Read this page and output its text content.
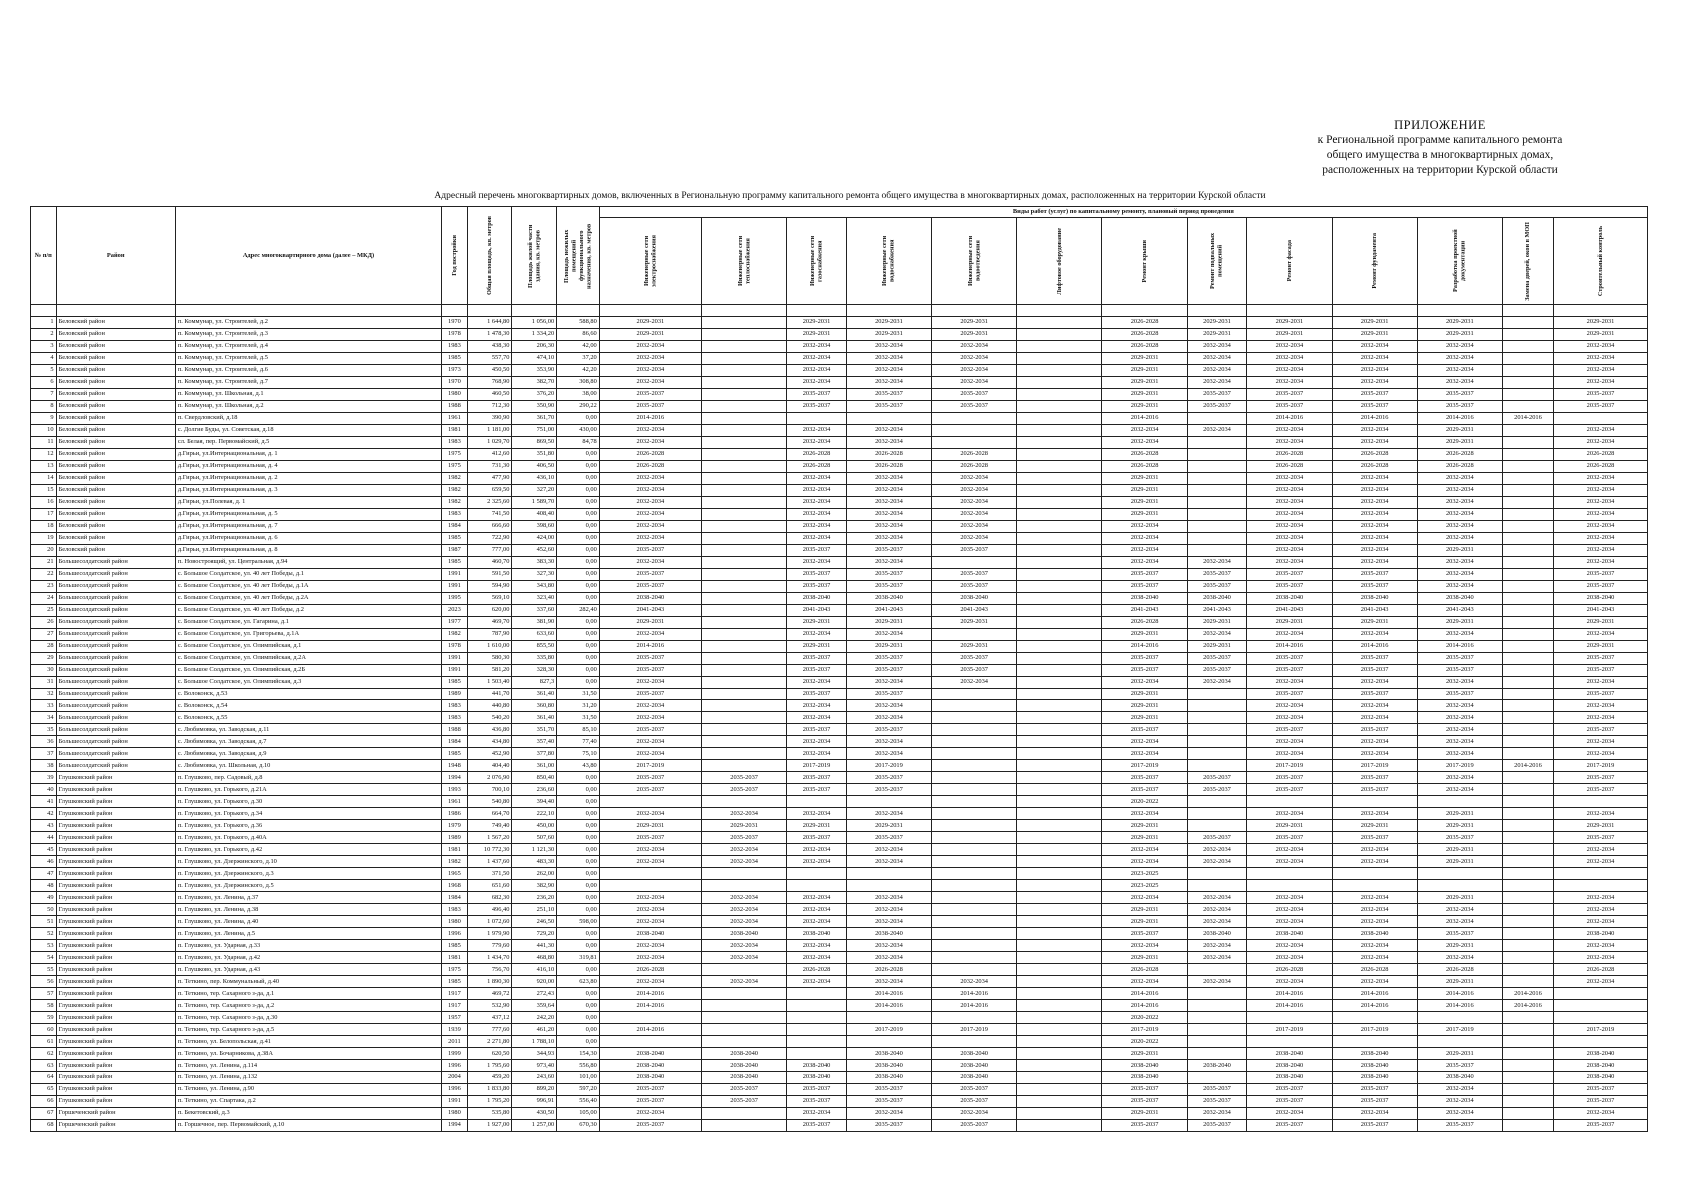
ПРИЛОЖЕНИЕ
к Региональной программе капитального ремонта
общего имущества в многоквартирных домах,
расположенных на территории Курской области
Адресный перечень многоквартирных домов, включенных в Региональную программу капитального ремонта общего имущества в многоквартирных домах, расположенных на территории Курской области
№ п/п	Район	Адрес многоквартирного дома (далее – МКД)	Год постройки	Общая площадь, кв. метров	Площадь жилой части здания, кв. метров	Площадь нежилых помещений функционального назначения, кв. метров	Виды работ (услуг) по капитальному ремонту, плановый период проведения												

							Инженерные сети электроснабжения	Инженерные сети теплоснабжения	Инженерные сети газоснабжения	Инженерные сети водоснабжения	Инженерные сети водоотведения	Лифтовое оборудование	Ремонт крыши	Ремонт подвальных помещений	Ремонт фасада	Ремонт фундамента	Разработка проектной документации	Замена дверей, окон в МОП	Строительный контроль

1	Беловский район	п. Коммунар, ул. Строителей, д.2	1970	1 644,80	1 056,00	588,80	2029-2031		2029-2031	2029-2031	2029-2031		2026-2028	2029-2031	2029-2031	2029-2031	2029-2031		2029-2031
2	Беловский район	п. Коммунар, ул. Строителей, д.3	1978	1 478,30	1 334,20	86,60	2029-2031		2029-2031	2029-2031	2029-2031		2026-2028	2029-2031	2029-2031	2029-2031	2029-2031		2029-2031
3	Беловский район	п. Коммунар, ул. Строителей, д.4	1983	438,30	206,30	42,00	2032-2034		2032-2034	2032-2034	2032-2034		2026-2028	2032-2034	2032-2034	2032-2034	2032-2034		2032-2034
4	Беловский район	п. Коммунар, ул. Строителей, д.5	1985	557,70	474,10	37,20	2032-2034		2032-2034	2032-2034	2032-2034		2029-2031	2032-2034	2032-2034	2032-2034	2032-2034		2032-2034
5	Беловский район	п. Коммунар, ул. Строителей, д.6	1973	450,50	353,90	42,20	2032-2034		2032-2034	2032-2034	2032-2034		2029-2031	2032-2034	2032-2034	2032-2034	2032-2034		2032-2034
6	Беловский район	п. Коммунар, ул. Строителей, д.7	1970	768,90	382,70	308,80	2032-2034		2032-2034	2032-2034	2032-2034		2029-2031	2032-2034	2032-2034	2032-2034	2032-2034		2032-2034
7	Беловский район	п. Коммунар, ул. Школьная, д.1	1980	460,50	376,20	38,00	2035-2037		2035-2037	2035-2037	2035-2037		2029-2031	2035-2037	2035-2037	2035-2037	2035-2037		2035-2037
8	Беловский район	п. Коммунар, ул. Школьная, д.2	1988	712,30	350,90	290,22	2035-2037		2035-2037	2035-2037	2035-2037		2029-2031	2035-2037	2035-2037	2035-2037	2035-2037		2035-2037
9	Беловский район	п. Свердловский, д.18	1961	390,90	361,70	0,00	2014-2016						2014-2016		2014-2016	2014-2016	2014-2016	2014-2016	
10	Беловский район	с. Долгие Буды, ул. Советская, д.18	1981	1 181,00	751,00	430,00	2032-2034		2032-2034	2032-2034			2032-2034	2032-2034	2032-2034	2032-2034	2029-2031		2032-2034
11	Беловский район	сл. Белая, пер. Первомайский, д.5	1983	1 029,70	869,50	84,78	2032-2034		2032-2034	2032-2034			2032-2034		2032-2034	2032-2034	2029-2031		2032-2034
12	Беловский район	д.Гирьи, ул.Интернациональная, д. 1	1975	412,60	351,80	0,00	2026-2028		2026-2028	2026-2028	2026-2028		2026-2028		2026-2028	2026-2028	2026-2028		2026-2028
13	Беловский район	д.Гирьи, ул.Интернациональная, д. 4	1975	731,30	406,50	0,00	2026-2028		2026-2028	2026-2028	2026-2028		2026-2028		2026-2028	2026-2028	2026-2028		2026-2028
14	Беловский район	д.Гирьи, ул.Интернациональная, д. 2	1982	477,90	436,10	0,00	2032-2034		2032-2034	2032-2034	2032-2034		2029-2031		2032-2034	2032-2034	2032-2034		2032-2034
15	Беловский район	д.Гирьи, ул.Интернациональная, д. 3	1982	659,50	327,20	0,00	2032-2034		2032-2034	2032-2034	2032-2034		2029-2031		2032-2034	2032-2034	2032-2034		2032-2034
16	Беловский район	д.Гирьи, ул.Полевая, д. 1	1982	2 325,60	1 589,70	0,00	2032-2034		2032-2034	2032-2034	2032-2034		2029-2031		2032-2034	2032-2034	2032-2034		2032-2034
17	Беловский район	д.Гирьи, ул.Интернациональная, д. 5	1983	741,50	408,40	0,00	2032-2034		2032-2034	2032-2034	2032-2034		2029-2031		2032-2034	2032-2034	2032-2034		2032-2034
18	Беловский район	д.Гирьи, ул.Интернациональная, д. 7	1984	666,60	398,60	0,00	2032-2034		2032-2034	2032-2034	2032-2034		2032-2034		2032-2034	2032-2034	2032-2034		2032-2034
19	Беловский район	д.Гирьи, ул.Интернациональная, д. 6	1985	722,90	424,00	0,00	2032-2034		2032-2034	2032-2034	2032-2034		2032-2034		2032-2034	2032-2034	2032-2034		2032-2034
20	Беловский район	д.Гирьи, ул.Интернациональная, д. 8	1987	777,00	452,60	0,00	2035-2037		2035-2037	2035-2037	2035-2037		2032-2034		2032-2034	2032-2034	2029-2031		2032-2034
21	Большесолдатский район	п. Новостроящий, ул. Центральная, д.94	1985	460,70	383,30	0,00	2032-2034		2032-2034	2032-2034			2032-2034	2032-2034	2032-2034	2032-2034	2032-2034		2032-2034
22	Большесолдатский район	с. Большое Солдатское, ул. 40 лет Победы, д.1	1991	591,50	327,30	0,00	2035-2037		2035-2037	2035-2037	2035-2037		2035-2037	2035-2037	2035-2037	2035-2037	2032-2034		2035-2037
23	Большесолдатский район	с. Большое Солдатское, ул. 40 лет Победы, д.1А	1991	594,90	343,80	0,00	2035-2037		2035-2037	2035-2037	2035-2037		2035-2037	2035-2037	2035-2037	2035-2037	2032-2034		2035-2037
24	Большесолдатский район	с. Большое Солдатское, ул. 40 лет Победы, д.2А	1995	569,10	323,40	0,00	2038-2040		2038-2040	2038-2040	2038-2040		2038-2040	2038-2040	2038-2040	2038-2040	2038-2040		2038-2040
25	Большесолдатский район	с. Большое Солдатское, ул. 40 лет Победы, д.2	2023	620,00	337,60	282,40	2041-2043		2041-2043	2041-2043	2041-2043		2041-2043	2041-2043	2041-2043	2041-2043	2041-2043		2041-2043
26	Большесолдатский район	с. Большое Солдатское, ул. Гагарина, д.1	1977	469,70	381,90	0,00	2029-2031		2029-2031	2029-2031	2029-2031		2026-2028	2029-2031	2029-2031	2029-2031	2029-2031		2029-2031
27	Большесолдатский район	с. Большое Солдатское, ул. Григорьева, д.1А	1982	787,90	633,60	0,00	2032-2034		2032-2034	2032-2034			2029-2031	2032-2034	2032-2034	2032-2034	2032-2034		2032-2034
28	Большесолдатский район	с. Большое Солдатское, ул. Олимпийская, д.1	1978	1 610,00	855,50	0,00	2014-2016		2029-2031	2029-2031	2029-2031		2014-2016	2029-2031	2014-2016	2014-2016	2014-2016		2029-2031
29	Большесолдатский район	с. Большое Солдатское, ул. Олимпийская, д.2А	1991	580,30	335,80	0,00	2035-2037		2035-2037	2035-2037	2035-2037		2035-2037	2035-2037	2035-2037	2035-2037	2035-2037		2035-2037
30	Большесолдатский район	с. Большое Солдатское, ул. Олимпийская, д.2Б	1991	581,20	328,30	0,00	2035-2037		2035-2037	2035-2037	2035-2037		2035-2037	2035-2037	2035-2037	2035-2037	2035-2037		2035-2037
31	Большесолдатский район	с. Большое Солдатское, ул. Олимпийская, д.3	1985	1 503,40	827,3	0,00	2032-2034		2032-2034	2032-2034	2032-2034		2032-2034	2032-2034	2032-2034	2032-2034	2032-2034		2032-2034
32	Большесолдатский район	с. Волоконск, д.53	1989	441,70	361,40	31,50	2035-2037		2035-2037	2035-2037			2029-2031		2035-2037	2035-2037	2035-2037		2035-2037
33	Большесолдатский район	с. Волоконск, д.54	1983	440,80	360,80	31,20	2032-2034		2032-2034	2032-2034			2029-2031		2032-2034	2032-2034	2032-2034		2032-2034
34	Большесолдатский район	с. Волоконск, д.55	1983	540,20	361,40	31,50	2032-2034		2032-2034	2032-2034			2029-2031		2032-2034	2032-2034	2032-2034		2032-2034
35	Большесолдатский район	с. Любимовка, ул. Заводская, д.11	1988	436,80	351,70	85,10	2035-2037		2035-2037	2035-2037			2035-2037		2035-2037	2035-2037	2032-2034		2035-2037
36	Большесолдатский район	с. Любимовка, ул. Заводская, д.7	1984	434,80	357,40	77,40	2032-2034		2032-2034	2032-2034			2032-2034		2032-2034	2032-2034	2032-2034		2032-2034
37	Большесолдатский район	с. Любимовка, ул. Заводская, д.9	1985	452,90	377,80	75,10	2032-2034		2032-2034	2032-2034			2032-2034		2032-2034	2032-2034	2032-2034		2032-2034
38	Большесолдатский район	с. Любимовка, ул. Школьная, д.10	1948	404,40	361,00	43,80	2017-2019		2017-2019	2017-2019			2017-2019		2017-2019	2017-2019	2017-2019	2014-2016	2017-2019
39	Глушковский район	п. Глушково, пер. Садовый, д.8	1994	2 076,90	850,40	0,00	2035-2037	2035-2037	2035-2037	2035-2037			2035-2037	2035-2037	2035-2037	2035-2037	2032-2034		2035-2037
40	Глушковский район	п. Глушково, ул. Горького, д.21А	1993	700,10	236,60	0,00	2035-2037	2035-2037	2035-2037	2035-2037			2035-2037	2035-2037	2035-2037	2035-2037	2032-2034		2035-2037
41	Глушковский район	п. Глушково, ул. Горького, д.30	1961	540,80	394,40	0,00							2020-2022						
42	Глушковский район	п. Глушково, ул. Горького, д.34	1986	664,70	222,10	0,00	2032-2034	2032-2034	2032-2034	2032-2034			2032-2034		2032-2034	2032-2034	2029-2031		2032-2034
43	Глушковский район	п. Глушково, ул. Горького, д.36	1979	749,40	450,00	0,00	2029-2031	2029-2031	2029-2031	2029-2031			2029-2031		2029-2031	2029-2031	2029-2031		2029-2031
44	Глушковский район	п. Глушково, ул. Горького, д.40А	1989	1 567,20	507,60	0,00	2035-2037	2035-2037	2035-2037	2035-2037			2029-2031	2035-2037	2035-2037	2035-2037	2035-2037		2035-2037
45	Глушковский район	п. Глушково, ул. Горького, д.42	1981	10 772,30	1 121,30	0,00	2032-2034	2032-2034	2032-2034	2032-2034			2032-2034	2032-2034	2032-2034	2032-2034	2029-2031		2032-2034
46	Глушковский район	п. Глушково, ул. Дзержинского, д.10	1982	1 437,60	483,30	0,00	2032-2034	2032-2034	2032-2034	2032-2034			2032-2034	2032-2034	2032-2034	2032-2034	2029-2031		2032-2034
47	Глушковский район	п. Глушково, ул. Дзержинского, д.3	1965	371,50	262,00	0,00							2023-2025						
48	Глушковский район	п. Глушково, ул. Дзержинского, д.5	1968	651,60	382,90	0,00							2023-2025						
49	Глушковский район	п. Глушково, ул. Ленина, д.37	1984	682,30	236,20	0,00	2032-2034	2032-2034	2032-2034	2032-2034			2032-2034	2032-2034	2032-2034	2032-2034	2029-2031		2032-2034
50	Глушковский район	п. Глушково, ул. Ленина, д.38	1983	496,40	251,10	0,00	2032-2034	2032-2034	2032-2034	2032-2034			2029-2031	2032-2034	2032-2034	2032-2034	2032-2034		2032-2034
51	Глушковский район	п. Глушково, ул. Ленина, д.40	1980	1 072,60	246,50	598,00	2032-2034	2032-2034	2032-2034	2032-2034			2029-2031	2032-2034	2032-2034	2032-2034	2032-2034		2032-2034
52	Глушковский район	п. Глушково, ул. Ленина, д.5	1996	1 979,90	729,20	0,00	2038-2040	2038-2040	2038-2040	2038-2040			2035-2037	2038-2040	2038-2040	2038-2040	2035-2037		2038-2040
53	Глушковский район	п. Глушково, ул. Ударная, д.33	1985	779,60	441,30	0,00	2032-2034	2032-2034	2032-2034	2032-2034			2032-2034	2032-2034	2032-2034	2032-2034	2029-2031		2032-2034
54	Глушковский район	п. Глушково, ул. Ударная, д.42	1981	1 434,70	468,80	319,81	2032-2034	2032-2034	2032-2034	2032-2034			2029-2031	2032-2034	2032-2034	2032-2034	2032-2034		2032-2034
55	Глушковский район	п. Глушково, ул. Ударная, д.43	1975	756,70	416,10	0,00	2026-2028		2026-2028	2026-2028			2026-2028		2026-2028	2026-2028	2026-2028		2026-2028
56	Глушковский район	п. Теткино, пер. Коммунальный, д.40	1985	1 890,30	920,00	623,80	2032-2034	2032-2034	2032-2034	2032-2034	2032-2034		2032-2034	2032-2034	2032-2034	2032-2034	2029-2031		2032-2034
57	Глушковский район	п. Теткино, тер. Сахарного з-да, д.1	1917	469,72	272,43	0,00	2014-2016			2014-2016	2014-2016		2014-2016		2014-2016	2014-2016	2014-2016	2014-2016	
58	Глушковский район	п. Теткино, тер. Сахарного з-да, д.2	1917	532,90	359,64	0,00	2014-2016			2014-2016	2014-2016		2014-2016		2014-2016	2014-2016	2014-2016	2014-2016	
59	Глушковский район	п. Теткино, тер. Сахарного з-да, д.30	1957	437,12	242,20	0,00							2020-2022						
60	Глушковский район	п. Теткино, тер. Сахарного з-да, д.5	1939	777,60	461,20	0,00	2014-2016			2017-2019	2017-2019		2017-2019		2017-2019	2017-2019	2017-2019		2017-2019
61	Глушковский район	п. Теткино, ул. Белопольская, д.41	2011	2 271,80	1 788,10	0,00							2020-2022						
62	Глушковский район	п. Теткино, ул. Бочарникова, д.38А	1999	620,50	344,93	154,30	2038-2040	2038-2040		2038-2040	2038-2040		2029-2031		2038-2040	2038-2040	2029-2031		2038-2040
63	Глушковский район	п. Теткино, ул. Ленина, д.114	1996	1 795,60	973,40	556,80	2038-2040	2038-2040	2038-2040	2038-2040	2038-2040		2038-2040	2038-2040	2038-2040	2038-2040	2035-2037		2038-2040
64	Глушковский район	п. Теткино, ул. Ленина, д.132	2004	459,20	243,60	101,00	2038-2040	2038-2040	2038-2040	2038-2040	2038-2040		2038-2040		2038-2040	2038-2040	2038-2040		2038-2040
65	Глушковский район	п. Теткино, ул. Ленина, д.90	1996	1 833,80	899,20	597,20	2035-2037	2035-2037	2035-2037	2035-2037	2035-2037		2035-2037	2035-2037	2035-2037	2035-2037	2032-2034		2035-2037
66	Глушковский район	п. Теткино, ул. Спартака, д.2	1991	1 795,20	996,91	556,40	2035-2037	2035-2037	2035-2037	2035-2037	2035-2037		2035-2037	2035-2037	2035-2037	2035-2037	2032-2034		2035-2037
67	Горшеченский район	п. Бекетовский, д.3	1980	535,80	430,50	105,00	2032-2034		2032-2034	2032-2034	2032-2034		2029-2031	2032-2034	2032-2034	2032-2034	2032-2034		2032-2034
68	Горшеченский район	п. Горшечное, пер. Первомайский, д.10	1994	1 927,00	1 257,00	670,30	2035-2037		2035-2037	2035-2037	2035-2037		2035-2037	2035-2037	2035-2037	2035-2037	2035-2037		2035-2037
